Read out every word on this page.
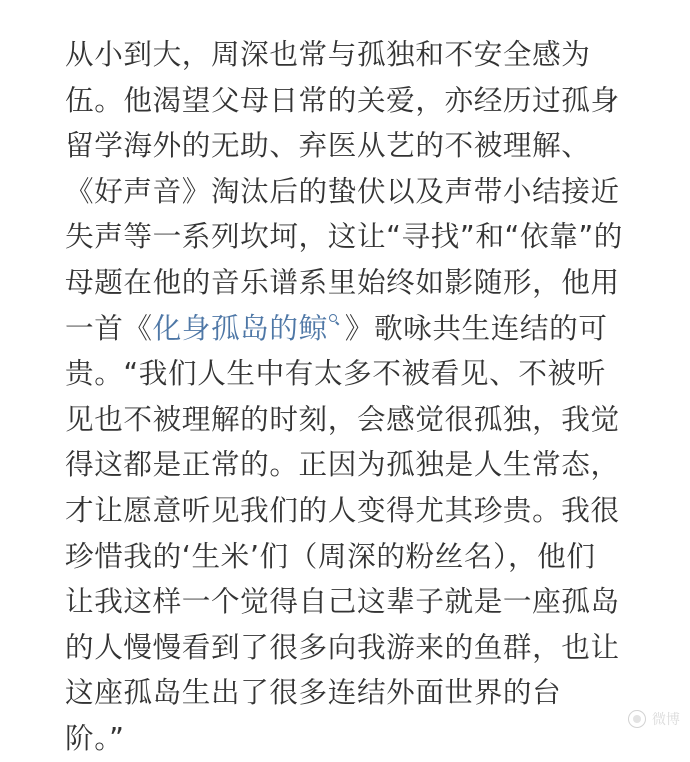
从小到大，周深也常与孤独和不安全感为
伍。他渴望父母日常的关爱，亦经历过孤身
留学海外的无助、弃医从艺的不被理解、
《好声音》淘汰后的蛰伏以及声带小结接近
失声等一系列坎坷，这让“寻找”和“依靠”的
母题在他的音乐谱系里始终如影随形，他用
一首《化身孤岛的鲸 》歌咏共生连结的可
贵。“我们人生中有太多不被看见、不被听
见也不被理解的时刻，会感觉很孤独，我觉
得这都是正常的。正因为孤独是人生常态，
才让愿意听见我们的人变得尤其珍贵。我很
珍惜我的‘生米’们（周深的粉丝名），他们
让我这样一个觉得自己这辈子就是一座孤岛
的人慢慢看到了很多向我游来的鱼群，也让
这座孤岛生出了很多连结外面世界的台
阶。”
微博
